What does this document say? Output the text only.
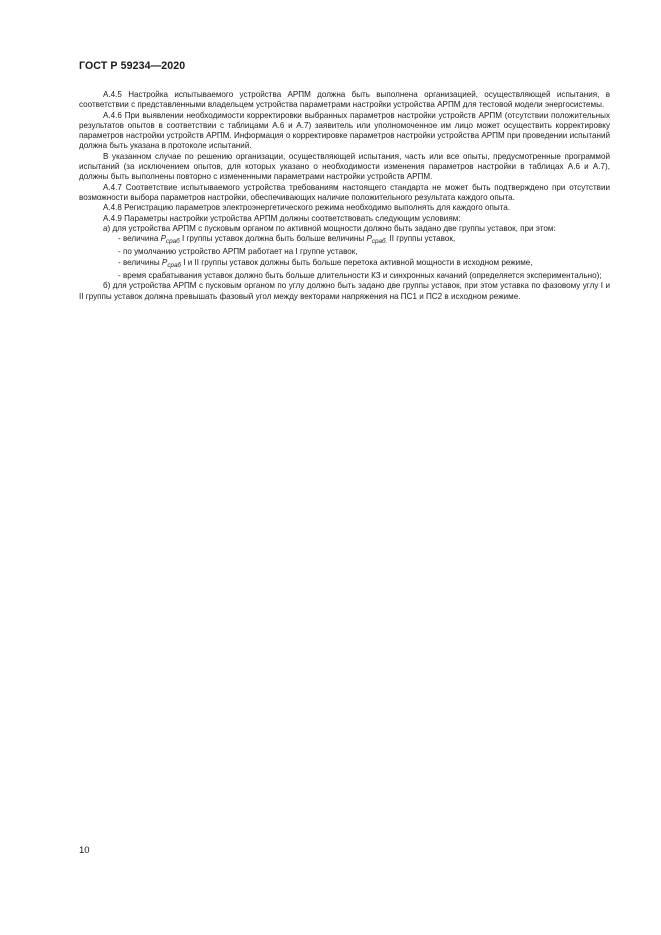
ГОСТ Р 59234—2020

А.4.5 Настройка испытываемого устройства АРПМ должна быть выполнена организацией, осуществляющей испытания, в соответствии с представленными владельцем устройства параметрами настройки устройства АРПМ для тестовой модели энергосистемы.

А.4.6 При выявлении необходимости корректировки выбранных параметров настройки устройств АРПМ (отсутствии положительных результатов опытов в соответствии с таблицами А.6 и А.7) заявитель или уполномоченное им лицо может осуществить корректировку параметров настройки устройств АРПМ. Информация о корректировке параметров настройки устройства АРПМ при проведении испытаний должна быть указана в протоколе испытаний.

В указанном случае по решению организации, осуществляющей испытания, часть или все опыты, предусмотренные программой испытаний (за исключением опытов, для которых указано о необходимости изменения параметров настройки в таблицах А.6 и А.7), должны быть выполнены повторно с измененными параметрами настройки устройств АРПМ.

А.4.7 Соответствие испытываемого устройства требованиям настоящего стандарта не может быть подтверждено при отсутствии возможности выбора параметров настройки, обеспечивающих наличие положительного результата каждого опыта.

А.4.8 Регистрацию параметров электроэнергетического режима необходимо выполнять для каждого опыта.

А.4.9 Параметры настройки устройства АРПМ должны соответствовать следующим условиям:

а) для устройства АРПМ с пусковым органом по активной мощности должно быть задано две группы уставок, при этом:

- величина $P_{сраб}$ I группы уставок должна быть больше величины $P_{сраб.}$ II группы уставок,

- по умолчанию устройство АРПМ работает на I группе уставок,

- величины $P_{сраб}$ I и II группы уставок должны быть больше перетока активной мощности в исходном режиме,

- время срабатывания уставок должно быть больше длительности КЗ и синхронных качаний (определяется экспериментально);

б) для устройства АРПМ с пусковым органом по углу должно быть задано две группы уставок, при этом уставка по фазовому углу I и II группы уставок должна превышать фазовый угол между векторами напряжения на ПС1 и ПС2 в исходном режиме.

10
